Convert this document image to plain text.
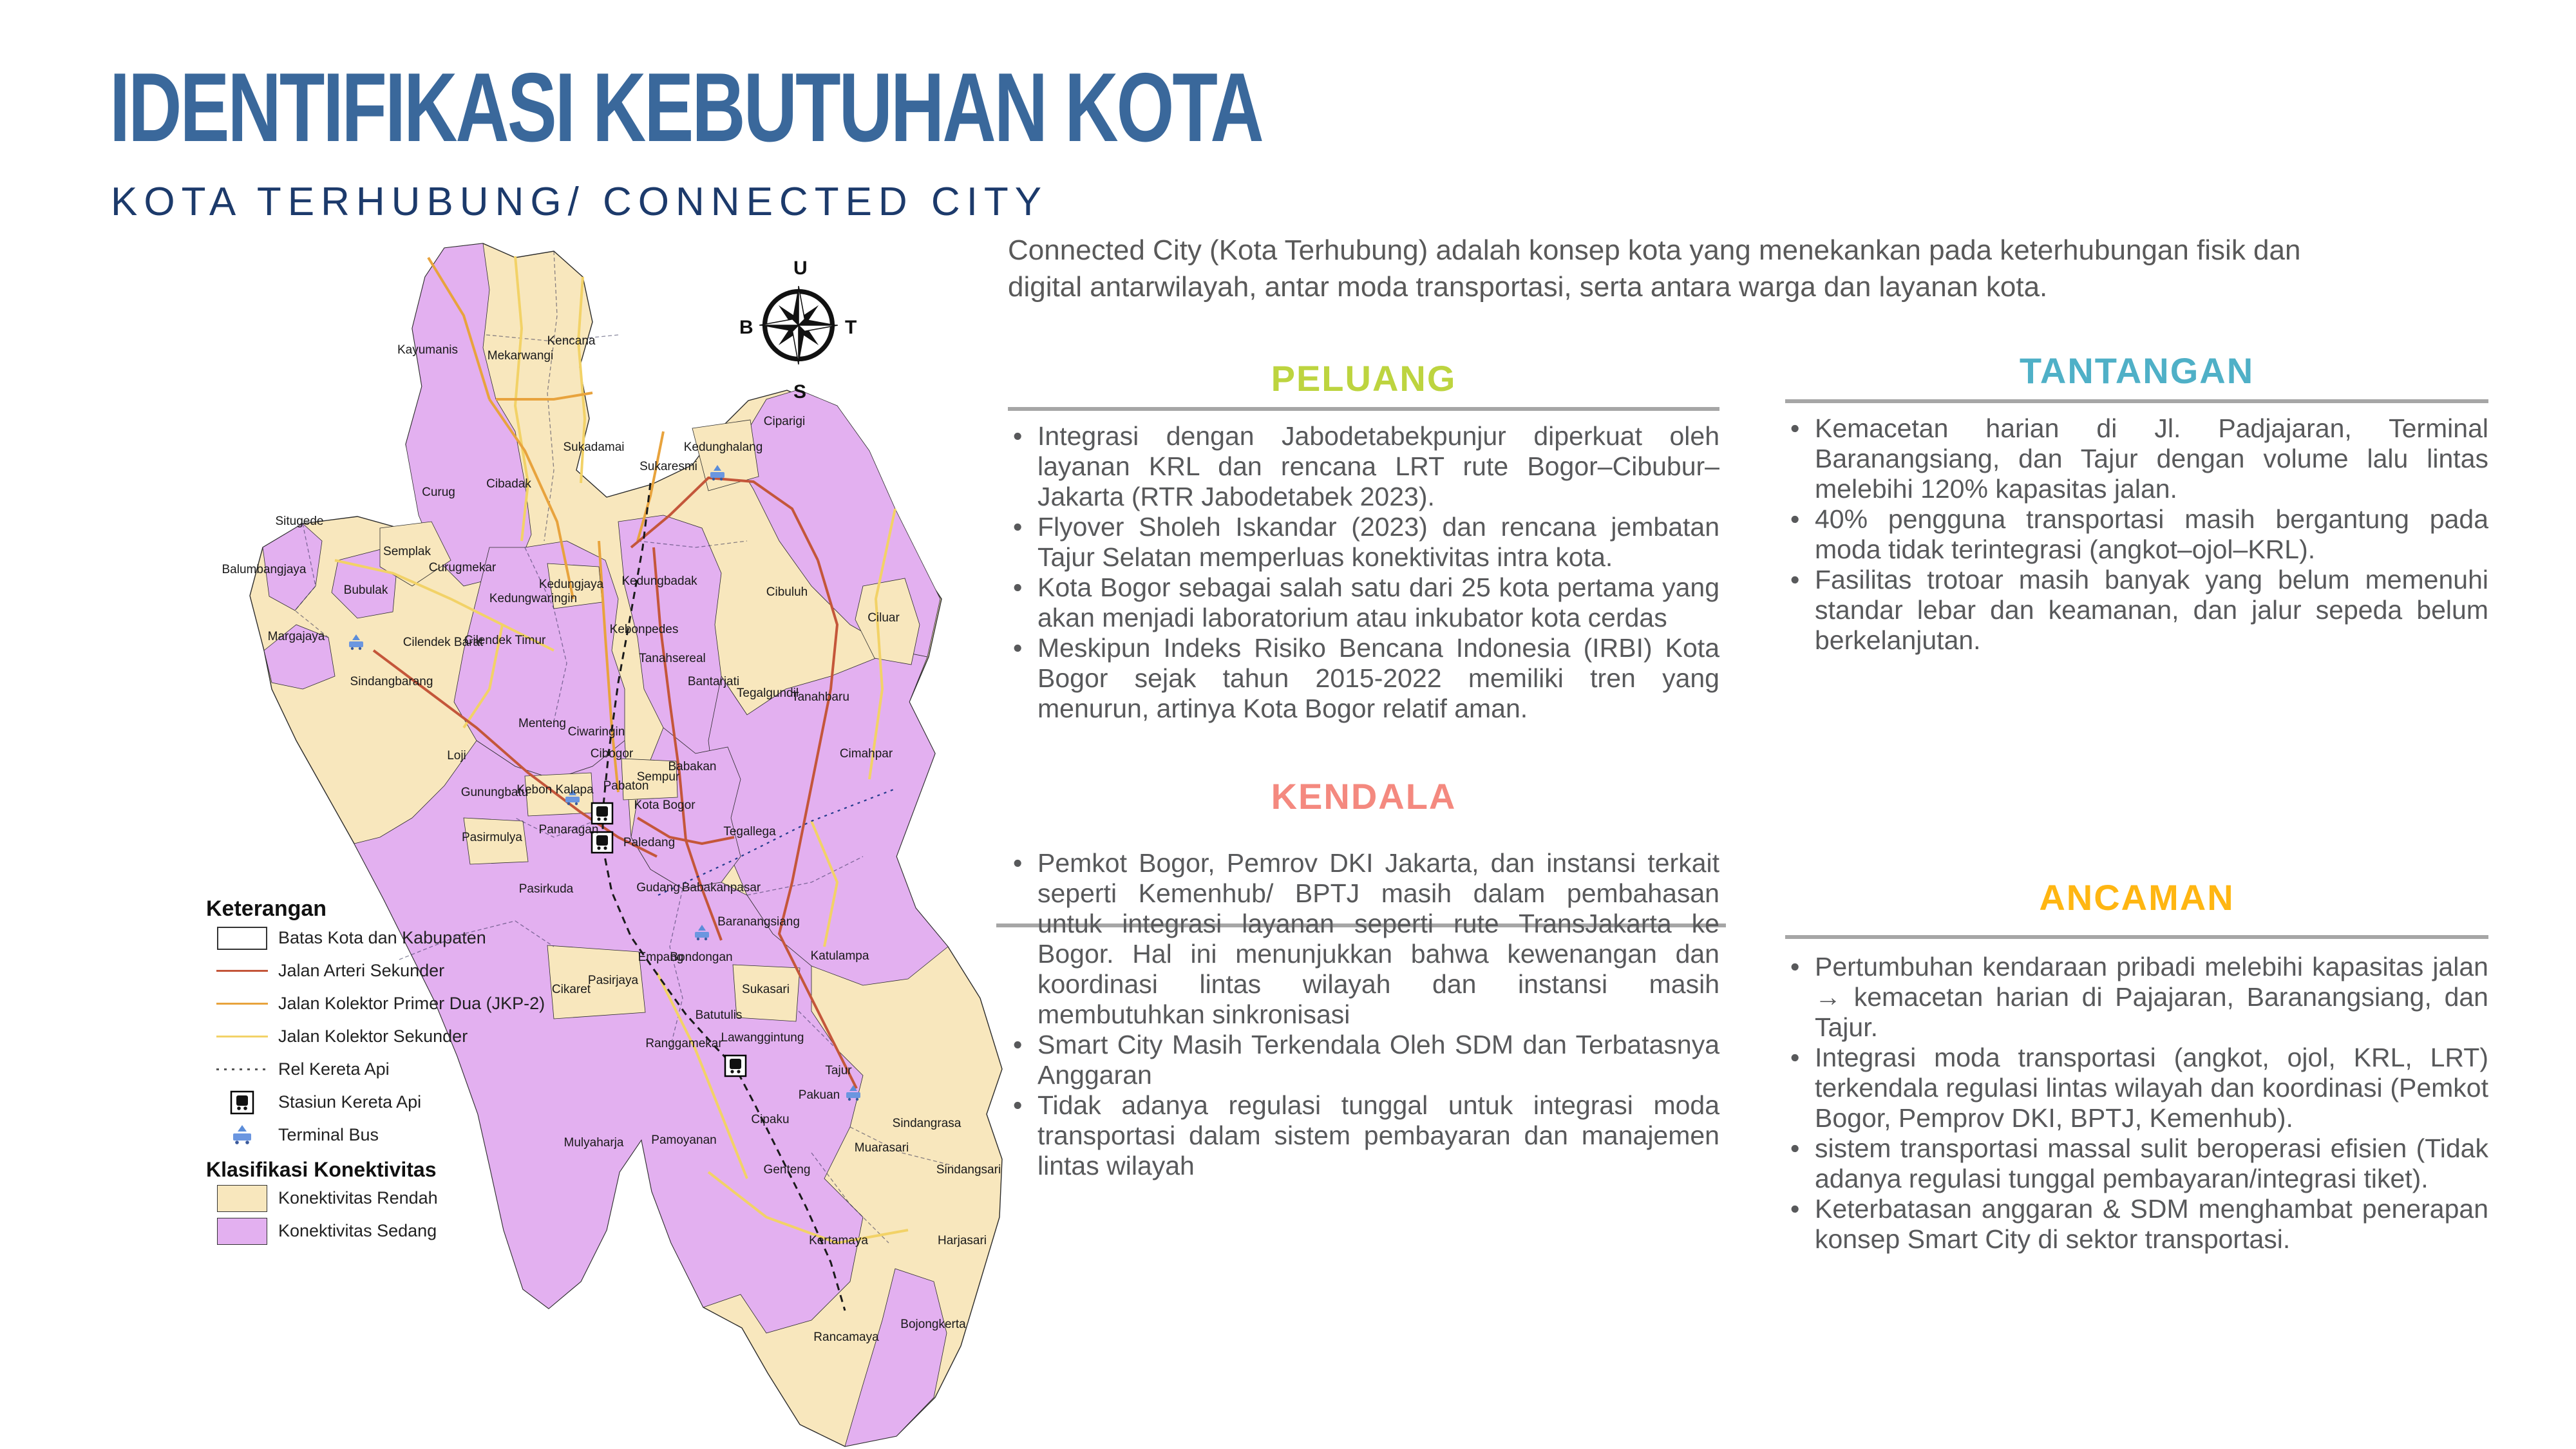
IDENTIFIKASI KEBUTUHAN KOTA
KOTA TERHUBUNG/ CONNECTED CITY

Connected City (Kota Terhubung) adalah konsep kota yang menekankan pada keterhubungan fisik dan
digital antarwilayah, antar moda transportasi, serta antara warga dan layanan kota.

Kayumanis Mekarwangi
Kencana
Cibadak
Curug
Sukadamai
Sukaresmi
Kedunghalang
Ciparigi
Cibuluh
Ciluar
Situgede
Balumbangjaya
Semplak
Curugmekar
Bubulak	Kedungjaya
Kedungwaringin
Kedungbadak
Kebonpedes
Margajaya	Cilendek Barat
Cilendek Timur
Tanahsereal
Bantarjati
Sindangbarang
Tegalgundil
Tanahbaru
Cimahpar
Menteng
Ciwaringin
Cibogor
Loji
Babakan
Sempur
Pabaton
Kebon Kalapa
Gunungbatu
Kota Bogor
Panaragan
Pasirmulya	Paledang
Tegallega
Pasirkuda	Gudang Babakanpasar
Baranangsiang
Katulampa
Empang
Bondongan
Pasirjaya
Cikaret	Sukasari
Batutulis
Ranggamekar
Lawanggintung
Tajur
Pakuan
Cipaku	Sindangrasa
Pamoyanan
Mulyaharja
Genteng
Muarasari
Sindangsari
Kertamaya	Harjasari
Bojongkerta
Rancamaya
U
T
S
B
Keterangan
Batas Kota dan Kabupaten
Jalan Arteri Sekunder
Jalan Kolektor Primer Dua (JKP-2)
Jalan Kolektor Sekunder
Rel Kereta Api
Stasiun Kereta Api
Terminal Bus
Klasifikasi Konektivitas
Konektivitas Rendah
Konektivitas Sedang
PELUANG
• Integrasi dengan Jabodetabekpunjur diperkuat oleh layanan KRL dan rencana LRT rute Bogor–Cibubur–Jakarta (RTR Jabodetabek 2023).
• Flyover Sholeh Iskandar (2023) dan rencana jembatan Tajur Selatan memperluas konektivitas intra kota.
• Kota Bogor sebagai salah satu dari 25 kota pertama yang akan menjadi laboratorium atau inkubator kota cerdas
• Meskipun Indeks Risiko Bencana Indonesia (IRBI) Kota Bogor sejak tahun 2015-2022 memiliki tren yang menurun, artinya Kota Bogor relatif aman.
KENDALA
• Pemkot Bogor, Pemrov DKI Jakarta, dan instansi terkait seperti Kemenhub/ BPTJ masih dalam pembahasan untuk integrasi layanan seperti rute TransJakarta ke Bogor. Hal ini menunjukkan bahwa kewenangan dan koordinasi lintas wilayah dan instansi masih membutuhkan sinkronisasi
• Smart City Masih Terkendala Oleh SDM dan Terbatasnya Anggaran
• Tidak adanya regulasi tunggal untuk integrasi moda transportasi dalam sistem pembayaran dan manajemen lintas wilayah
TANTANGAN
• Kemacetan harian di Jl. Padjajaran, Terminal Baranangsiang, dan Tajur dengan volume lalu lintas melebihi 120% kapasitas jalan.
• 40% pengguna transportasi masih bergantung pada moda tidak terintegrasi (angkot–ojol–KRL).
• Fasilitas trotoar masih banyak yang belum memenuhi standar lebar dan keamanan, dan jalur sepeda belum berkelanjutan.
ANCAMAN
• Pertumbuhan kendaraan pribadi melebihi kapasitas jalan → kemacetan harian di Pajajaran, Baranangsiang, dan Tajur.
• Integrasi moda transportasi (angkot, ojol, KRL, LRT) terkendala regulasi lintas wilayah dan koordinasi (Pemkot Bogor, Pemprov DKI, BPTJ, Kemenhub).
• sistem transportasi massal sulit beroperasi efisien (Tidak adanya regulasi tunggal pembayaran/integrasi tiket).
• Keterbatasan anggaran & SDM menghambat penerapan konsep Smart City di sektor transportasi.
